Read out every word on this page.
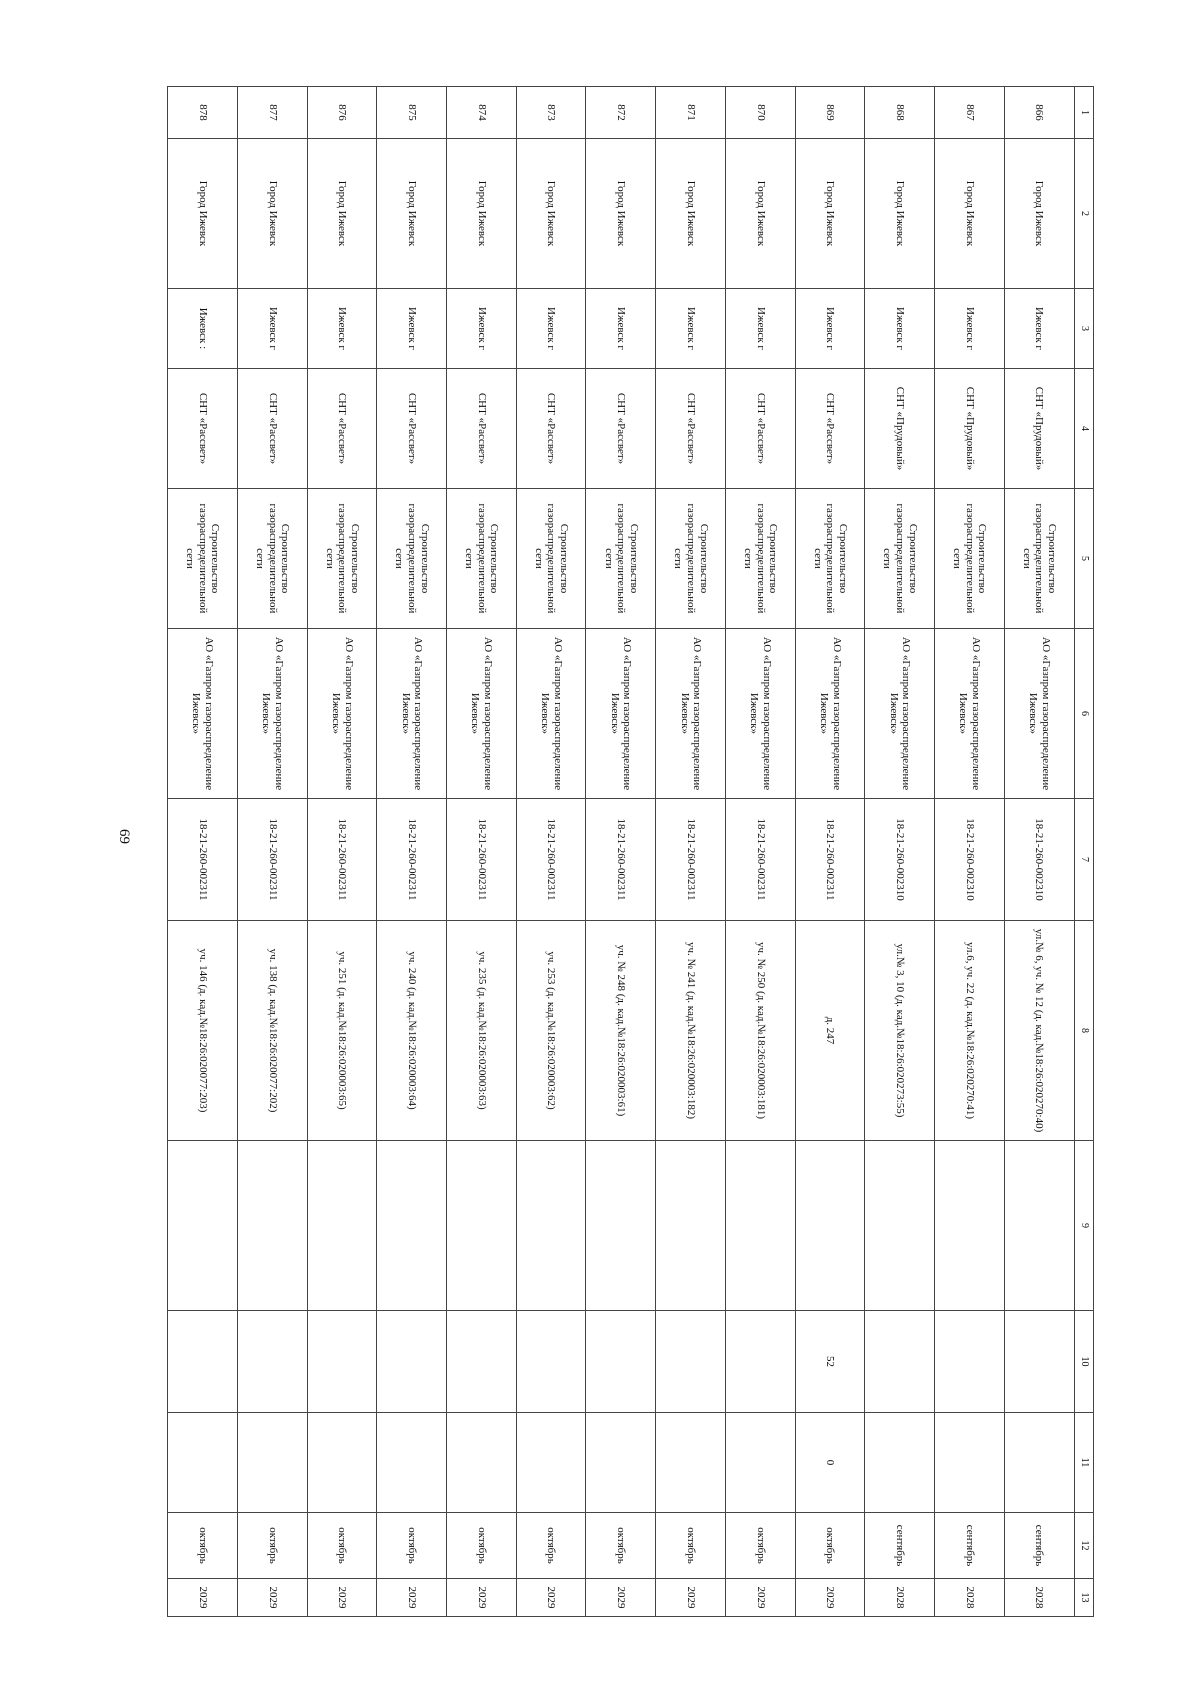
69
1	2	3	4	5	6	7	8	9	10	11	12	13
866	Город Ижевск	Ижевск г	СНТ «Прудовый»	Строительство газораспределительной сети	АО «Газпром газораспределение Ижевск»	18-21-260-002310	ул.№ 6, уч. № 12 (д. кад.№18:26:020270:40)				сентябрь	2028
867	Город Ижевск	Ижевск г	СНТ «Прудовый»	Строительство газораспределительной сети	АО «Газпром газораспределение Ижевск»	18-21-260-002310	ул.6, уч. 22 (д. кад.№18:26:020270:41)				сентябрь	2028
868	Город Ижевск	Ижевск г	СНТ «Прудовый»	Строительство газораспределительной сети	АО «Газпром газораспределение Ижевск»	18-21-260-002310	ул.№ 3, 10 (д. кад.№18:26:020273:55)				сентябрь	2028
869	Город Ижевск	Ижевск г	СНТ «Рассвет»	Строительство газораспределительной сети	АО «Газпром газораспределение Ижевск»	18-21-260-002311	д. 247		52	0	октябрь	2029
870	Город Ижевск	Ижевск г	СНТ «Рассвет»	Строительство газораспределительной сети	АО «Газпром газораспределение Ижевск»	18-21-260-002311	уч. № 250 (д. кад.№18:26:020003:181)				октябрь	2029
871	Город Ижевск	Ижевск г	СНТ «Рассвет»	Строительство газораспределительной сети	АО «Газпром газораспределение Ижевск»	18-21-260-002311	уч. № 241 (д. кад.№18:26:020003:182)				октябрь	2029
872	Город Ижевск	Ижевск г	СНТ «Рассвет»	Строительство газораспределительной сети	АО «Газпром газораспределение Ижевск»	18-21-260-002311	уч. № 248 (д. кад.№18:26:020003:61)				октябрь	2029
873	Город Ижевск	Ижевск г	СНТ «Рассвет»	Строительство газораспределительной сети	АО «Газпром газораспределение Ижевск»	18-21-260-002311	уч. 253 (д. кад.№18:26:020003:62)				октябрь	2029
874	Город Ижевск	Ижевск г	СНТ «Рассвет»	Строительство газораспределительной сети	АО «Газпром газораспределение Ижевск»	18-21-260-002311	уч. 235 (д. кад.№18:26:020003:63)				октябрь	2029
875	Город Ижевск	Ижевск г	СНТ «Рассвет»	Строительство газораспределительной сети	АО «Газпром газораспределение Ижевск»	18-21-260-002311	уч. 240 (д. кад.№18:26:020003:64)				октябрь	2029
876	Город Ижевск	Ижевск г	СНТ «Рассвет»	Строительство газораспределительной сети	АО «Газпром газораспределение Ижевск»	18-21-260-002311	уч. 251 (д. кад.№18:26:020003:65)				октябрь	2029
877	Город Ижевск	Ижевск г	СНТ «Рассвет»	Строительство газораспределительной сети	АО «Газпром газораспределение Ижевск»	18-21-260-002311	уч. 138 (д. кад.№18:26:020077:202)				октябрь	2029
878	Город Ижевск	Ижевск :	СНТ «Рассвет»	Строительство газораспределительной сети	АО «Газпром газораспределение Ижевск»	18-21-260-002311	уч. 146 (д. кад.№18:26:020077:203)				октябрь	2029
